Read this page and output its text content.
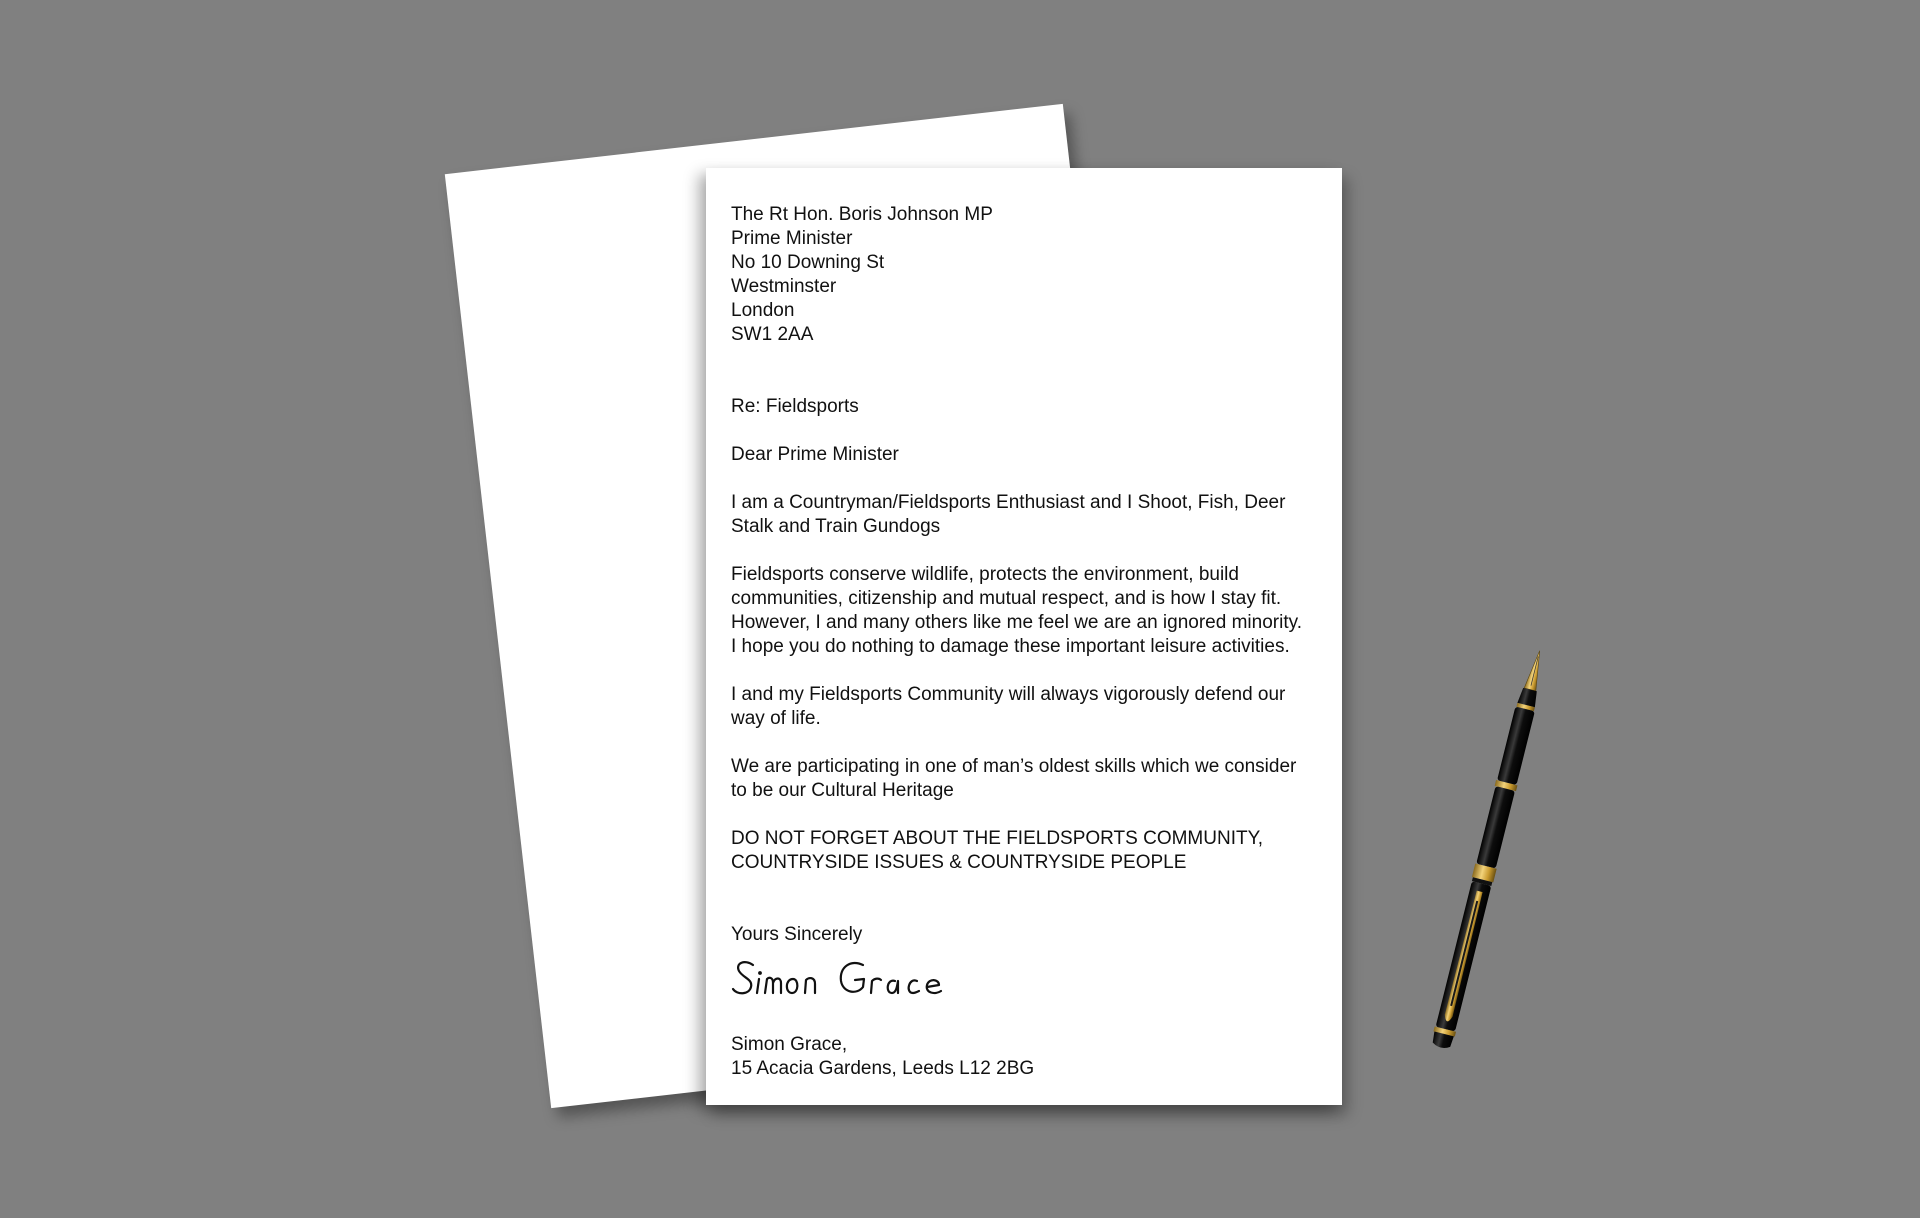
The Rt Hon. Boris Johnson MP
Prime Minister
No 10 Downing St
Westminster
London
SW1 2AA

Re: Fieldsports

Dear Prime Minister

I am a Countryman/Fieldsports Enthusiast and I Shoot, Fish, Deer
Stalk and Train Gundogs

Fieldsports conserve wildlife, protects the environment, build
communities, citizenship and mutual respect, and is how I stay fit.
However, I and many others like me feel we are an ignored minority.
I hope you do nothing to damage these important leisure activities.

I and my Fieldsports Community will always vigorously defend our
way of life.

We are participating in one of man’s oldest skills which we consider
to be our Cultural Heritage

DO NOT FORGET ABOUT THE FIELDSPORTS COMMUNITY,
COUNTRYSIDE ISSUES & COUNTRYSIDE PEOPLE

Yours Sincerely
Simon Grace,
15 Acacia Gardens, Leeds L12 2BG
